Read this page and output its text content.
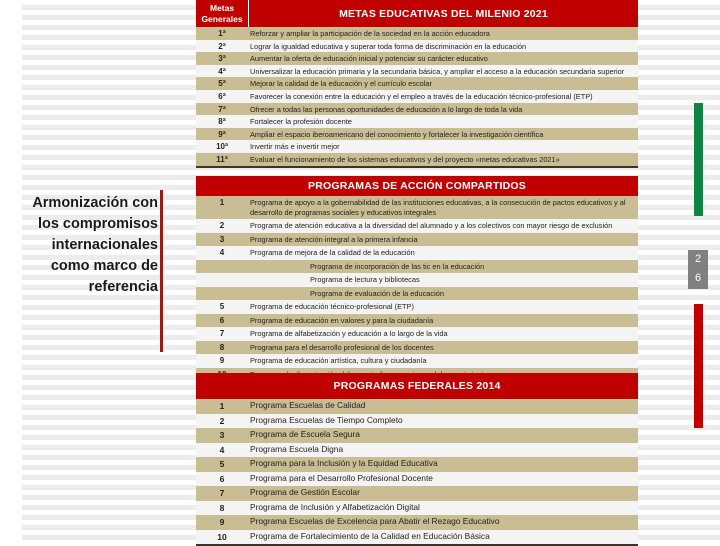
Armonización con los compromisos internacionales como marco de referencia
2
6
Metas
Generales	METAS EDUCATIVAS DEL MILENIO 2021
1ª	Reforzar y ampliar la participación de la sociedad en la acción educadora
2ª	Lograr la igualdad educativa y superar toda forma de discriminación en la educación
3ª	Aumentar la oferta de educación inicial y potenciar su carácter educativo
4ª	Universalizar la educación primaria y la secundaria básica, y ampliar el acceso a la educación secundaria superior
5ª	Mejorar la calidad de la educación y el currículo escolar
6ª	Favorecer la conexión entre la educación y el empleo a través de la educación técnico-profesional (ETP)
7ª	Ofrecer a todas las personas oportunidades de educación a lo largo de toda la vida
8ª	Fortalecer la profesión docente
9ª	Ampliar el espacio iberoamericano del conocimiento y fortalecer la investigación científica
10ª	Invertir más e invertir mejor
11ª	Evaluar el funcionamiento de los sistemas educativos y del proyecto «metas educativas 2021»
PROGRAMAS DE ACCIÓN COMPARTIDOS
1	Programa de apoyo a la gobernabilidad de las instituciones educativas, a la consecución de pactos educativos y al desarrollo de programas sociales y educativos integrales
2	Programa de atención educativa a la diversidad del alumnado y a los colectivos con mayor riesgo de exclusión
3	Programa de atención integral a la primera infancia
4	Programa de mejora de la calidad de la educación
Programa de incorporación de las tic en la educación
Programa de lectura y bibliotecas
Programa de evaluación de la educación
5	Programa de educación técnico-profesional (ETP)
6	Programa de educación en valores y para la ciudadanía
7	Programa de alfabetización y educación a lo largo de la vida
8	Programa para el desarrollo profesional de los docentes
9	Programa de educación artística, cultura y ciudadanía
PROGRAMAS FEDERALES 2014
1	Programa Escuelas de Calidad
2	Programa Escuelas de Tiempo Completo
3	Programa de Escuela Segura
4	Programa Escuela Digna
5	Programa para la Inclusión y la Equidad Educativa
6	Programa para el Desarrollo Profesional Docente
7	Programa de Gestión Escolar
8	Programa de Inclusión y Alfabetización Digital
9	Programa Escuelas de Excelencia para Abatir el Rezago Educativo
10	Programa de Fortalecimiento de la Calidad en Educación Básica
